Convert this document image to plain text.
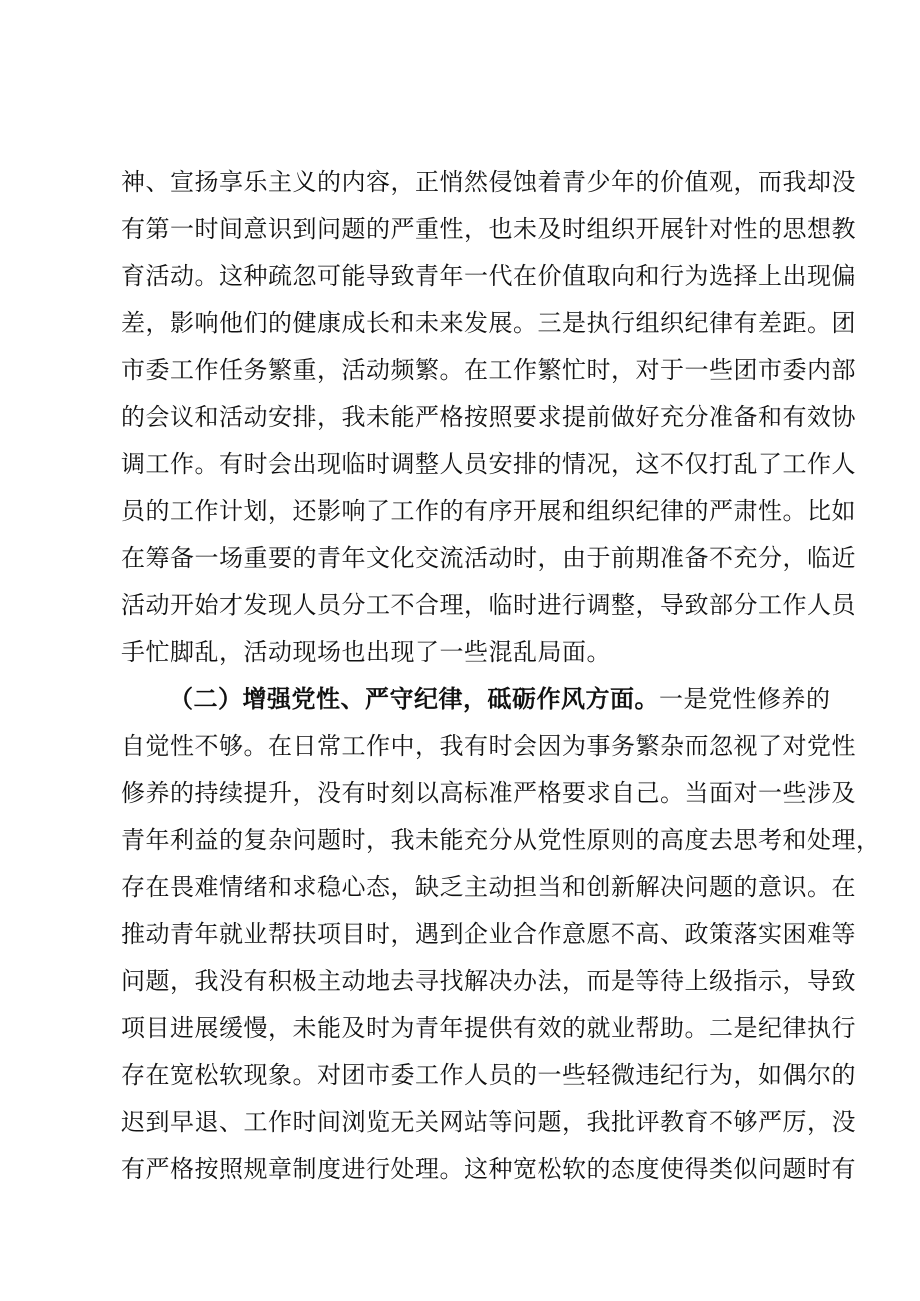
神、宣扬享乐主义的内容，正悄然侵蚀着青少年的价值观，而我却没
有第一时间意识到问题的严重性，也未及时组织开展针对性的思想教
育活动。这种疏忽可能导致青年一代在价值取向和行为选择上出现偏
差，影响他们的健康成长和未来发展。三是执行组织纪律有差距。团
市委工作任务繁重，活动频繁。在工作繁忙时，对于一些团市委内部
的会议和活动安排，我未能严格按照要求提前做好充分准备和有效协
调工作。有时会出现临时调整人员安排的情况，这不仅打乱了工作人
员的工作计划，还影响了工作的有序开展和组织纪律的严肃性。比如
在筹备一场重要的青年文化交流活动时，由于前期准备不充分，临近
活动开始才发现人员分工不合理，临时进行调整，导致部分工作人员
手忙脚乱，活动现场也出现了一些混乱局面。
（二）增强党性、严守纪律，砥砺作风方面。一是党性修养的
自觉性不够。在日常工作中，我有时会因为事务繁杂而忽视了对党性
修养的持续提升，没有时刻以高标准严格要求自己。当面对一些涉及
青年利益的复杂问题时，我未能充分从党性原则的高度去思考和处理，
存在畏难情绪和求稳心态，缺乏主动担当和创新解决问题的意识。在
推动青年就业帮扶项目时，遇到企业合作意愿不高、政策落实困难等
问题，我没有积极主动地去寻找解决办法，而是等待上级指示，导致
项目进展缓慢，未能及时为青年提供有效的就业帮助。二是纪律执行
存在宽松软现象。对团市委工作人员的一些轻微违纪行为，如偶尔的
迟到早退、工作时间浏览无关网站等问题，我批评教育不够严厉，没
有严格按照规章制度进行处理。这种宽松软的态度使得类似问题时有
